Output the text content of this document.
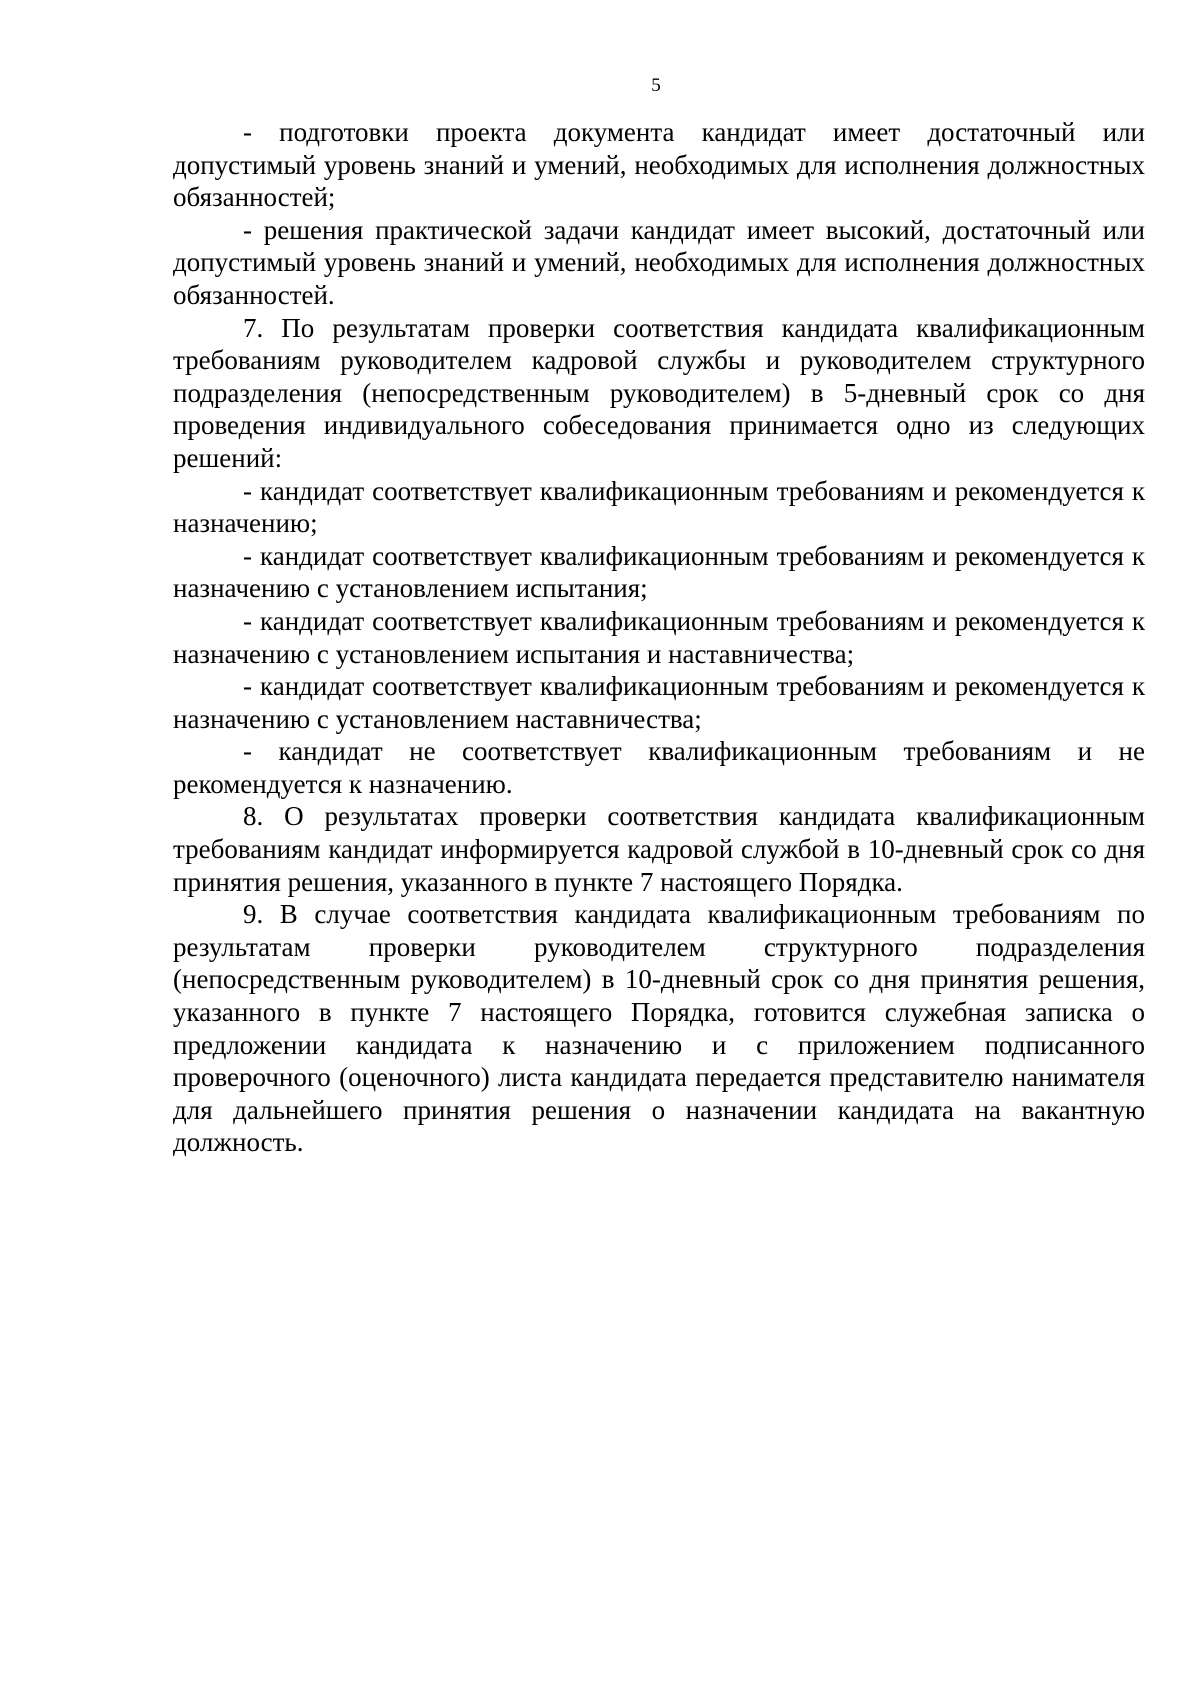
5

- подготовки проекта документа кандидат имеет достаточный или допустимый уровень знаний и умений, необходимых для исполнения должностных обязанностей;

- решения практической задачи кандидат имеет высокий, достаточный или допустимый уровень знаний и умений, необходимых для исполнения должностных обязанностей.

7. По результатам проверки соответствия кандидата квалификационным требованиям руководителем кадровой службы и руководителем структурного подразделения (непосредственным руководителем) в 5-дневный срок со дня проведения индивидуального собеседования принимается одно из следующих решений:

- кандидат соответствует квалификационным требованиям и рекомендуется к назначению;

- кандидат соответствует квалификационным требованиям и рекомендуется к назначению с установлением испытания;

- кандидат соответствует квалификационным требованиям и рекомендуется к назначению с установлением испытания и наставничества;

- кандидат соответствует квалификационным требованиям и рекомендуется к назначению с установлением наставничества;

- кандидат не соответствует квалификационным требованиям и не рекомендуется к назначению.

8. О результатах проверки соответствия кандидата квалификационным требованиям кандидат информируется кадровой службой в 10-дневный срок со дня принятия решения, указанного в пункте 7 настоящего Порядка.

9. В случае соответствия кандидата квалификационным требованиям по результатам проверки руководителем структурного подразделения (непосредственным руководителем) в 10-дневный срок со дня принятия решения, указанного в пункте 7 настоящего Порядка, готовится служебная записка о предложении кандидата к назначению и с приложением подписанного проверочного (оценочного) листа кандидата передается представителю нанимателя для дальнейшего принятия решения о назначении кандидата на вакантную должность.
